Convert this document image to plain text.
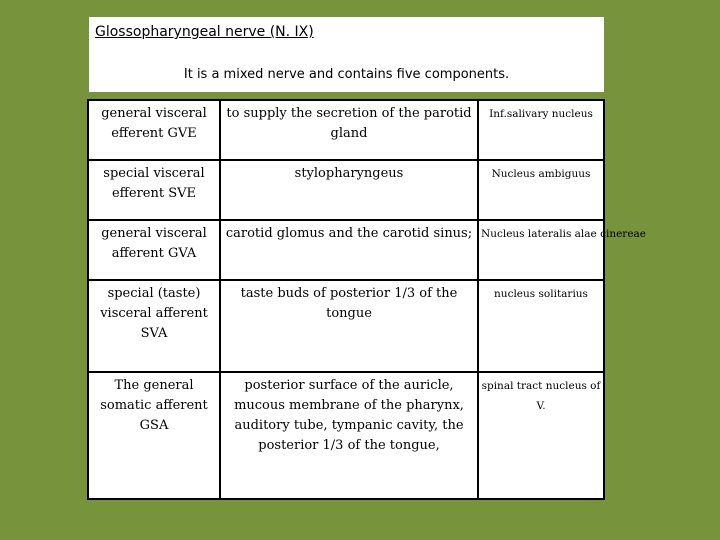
Glossopharyngeal nerve (N. IX)
It is a mixed nerve and contains five components.
general visceral efferent GVE	to supply the secretion of the parotid gland	Inf.salivary nucleus
special visceral efferent SVE	stylopharyngeus	Nucleus ambiguus
general visceral afferent GVA	carotid glomus and the carotid sinus;	Nucleus lateralis alae cinereae
special (taste) visceral afferent SVA	taste buds of posterior 1/3 of the tongue	nucleus solitarius
The general somatic afferent GSA	posterior surface of the auricle, mucous membrane of the pharynx, auditory tube, tympanic cavity, the posterior 1/3 of the tongue,	spinal tract nucleus of V.
